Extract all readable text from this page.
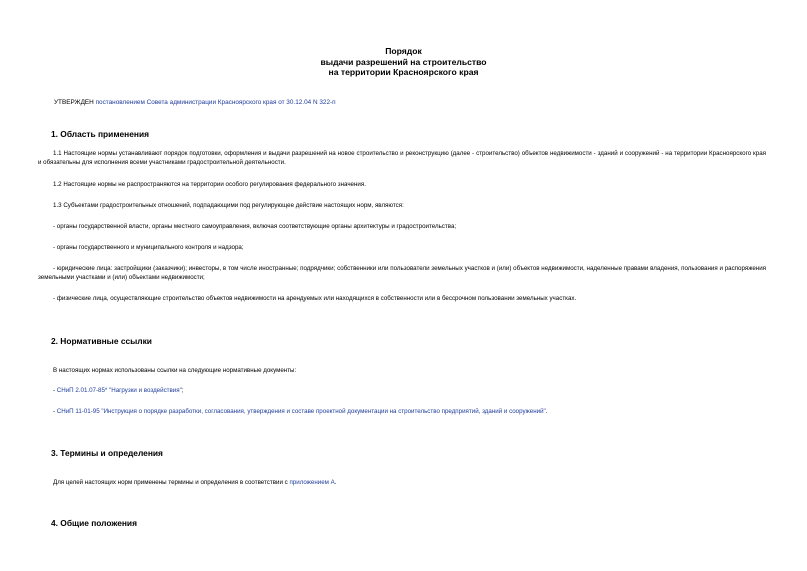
Порядок
выдачи разрешений на строительство
на территории Красноярского края
УТВЕРЖДЕН постановлением Совета администрации Красноярского края от 30.12.04 N 322-п
1. Область применения
1.1 Настоящие нормы устанавливают порядок подготовки, оформления и выдачи разрешений на новое строительство и реконструкцию (далее - строительство) объектов недвижимости - зданий и сооружений - на территории Красноярского края и обязательны для исполнения всеми участниками градостроительной деятельности.
1.2 Настоящие нормы не распространяются на территории особого регулирования федерального значения.
1.3 Субъектами градостроительных отношений, подпадающими под регулирующее действие настоящих норм, являются:
- органы государственной власти, органы местного самоуправления, включая соответствующие органы архитектуры и градостроительства;
- органы государственного и муниципального контроля и надзора;
- юридические лица: застройщики (заказчики); инвесторы, в том числе иностранные; подрядчики; собственники или пользователи земельных участков и (или) объектов недвижимости, наделенные правами владения, пользования и распоряжения земельными участками и (или) объектами недвижимости;
- физические лица, осуществляющие строительство объектов недвижимости на арендуемых или находящихся в собственности или в бессрочном пользовании земельных участках.
2. Нормативные ссылки
В настоящих нормах использованы ссылки на следующие нормативные документы:
- СНиП 2.01.07-85* "Нагрузки и воздействия";
- СНиП 11-01-95 "Инструкция о порядке разработки, согласования, утверждения и составе проектной документации на строительство предприятий, зданий и сооружений".
3. Термины и определения
Для целей настоящих норм применены термины и определения в соответствии с приложением А.
4. Общие положения
